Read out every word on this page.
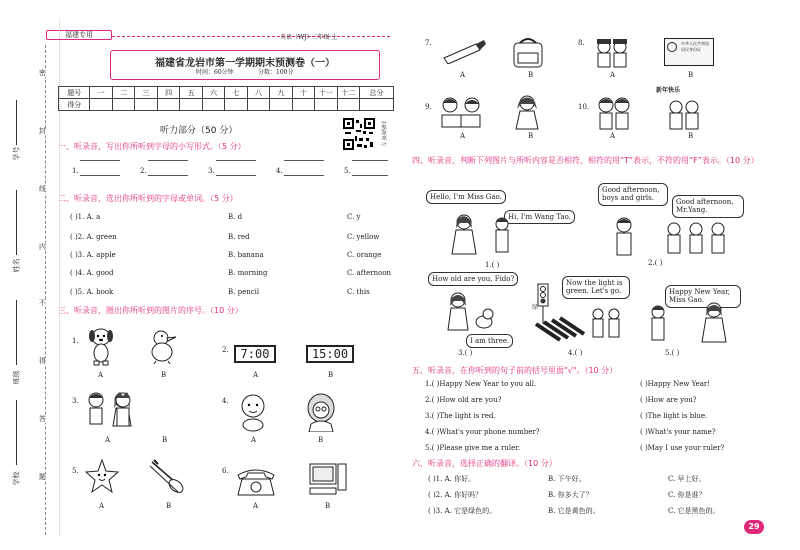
福建专用	英语（WJ）·三年级·上
密
封
线
内
不
得
答
题
学号
姓名
班级
学校
福建省龙岩市第一学期期末预测卷（一）
时间：60分钟	分数：100分
题号	一	二	三	四	五	六	七	八	九	十	十一	十二	总分
得分													
听力部分（50 分）	扫码听听力
一、听录音，写出你所听到字母的小写形式。（5 分）
1.	2.	3.	4.	5.
二、听录音，选出你所听到的字母或单词。（5 分）
( )1. A. a	B. d	C. y
( )2. A. green	B. red	C. yellow
( )3. A. apple	B. banana	C. orange
( )4. A. good	B. morning	C. afternoon
( )5. A. book	B. pencil	C. this
三、听录音，圈出你所听到的图片的序号。（10 分）
1.
A	B
2. 7:00
A
15:00
B
3.
A	B
4.
A	B
5.
A	B
6.
A	B
7.
A	B
8.
A
中华人民共和国 居民身份证
B
9.
A	B
10.
A
新年快乐
B
四、听录音，判断下列图片与所听内容是否相符，相符的用“T”表示，不符的用“F”表示。（10 分）
Hello, I'm Miss Gao.
Hi, I'm Wang Tao.
1.( )
Good afternoon, boys and girls.	Good afternoon, Mr.Yang.
2.( )
How old are you, Fido?
I am three.
3.( )
Now the light is green. Let's go.
绿
4.( )
Happy New Year, Miss Gao.
5.( )
五、听录音，在你听到的句子前的括号里面"√"。（10 分）
1.( )Happy New Year to you all.	( )Happy New Year!
2.( )How old are you?	( )How are you?
3.( )The light is red.	( )The light is blue.
4.( )What's your phone number?	( )What's your name?
5.( )Please give me a ruler.	( )May I use your ruler?
六、听录音，选择正确的翻译。（10 分）
( )1. A. 你好。	B. 下午好。	C. 早上好。
( )2. A. 你好吗？	B. 你多大了？	C. 你是谁？
( )3. A. 它是绿色的。	B. 它是黄色的。	C. 它是黑色的。
29
